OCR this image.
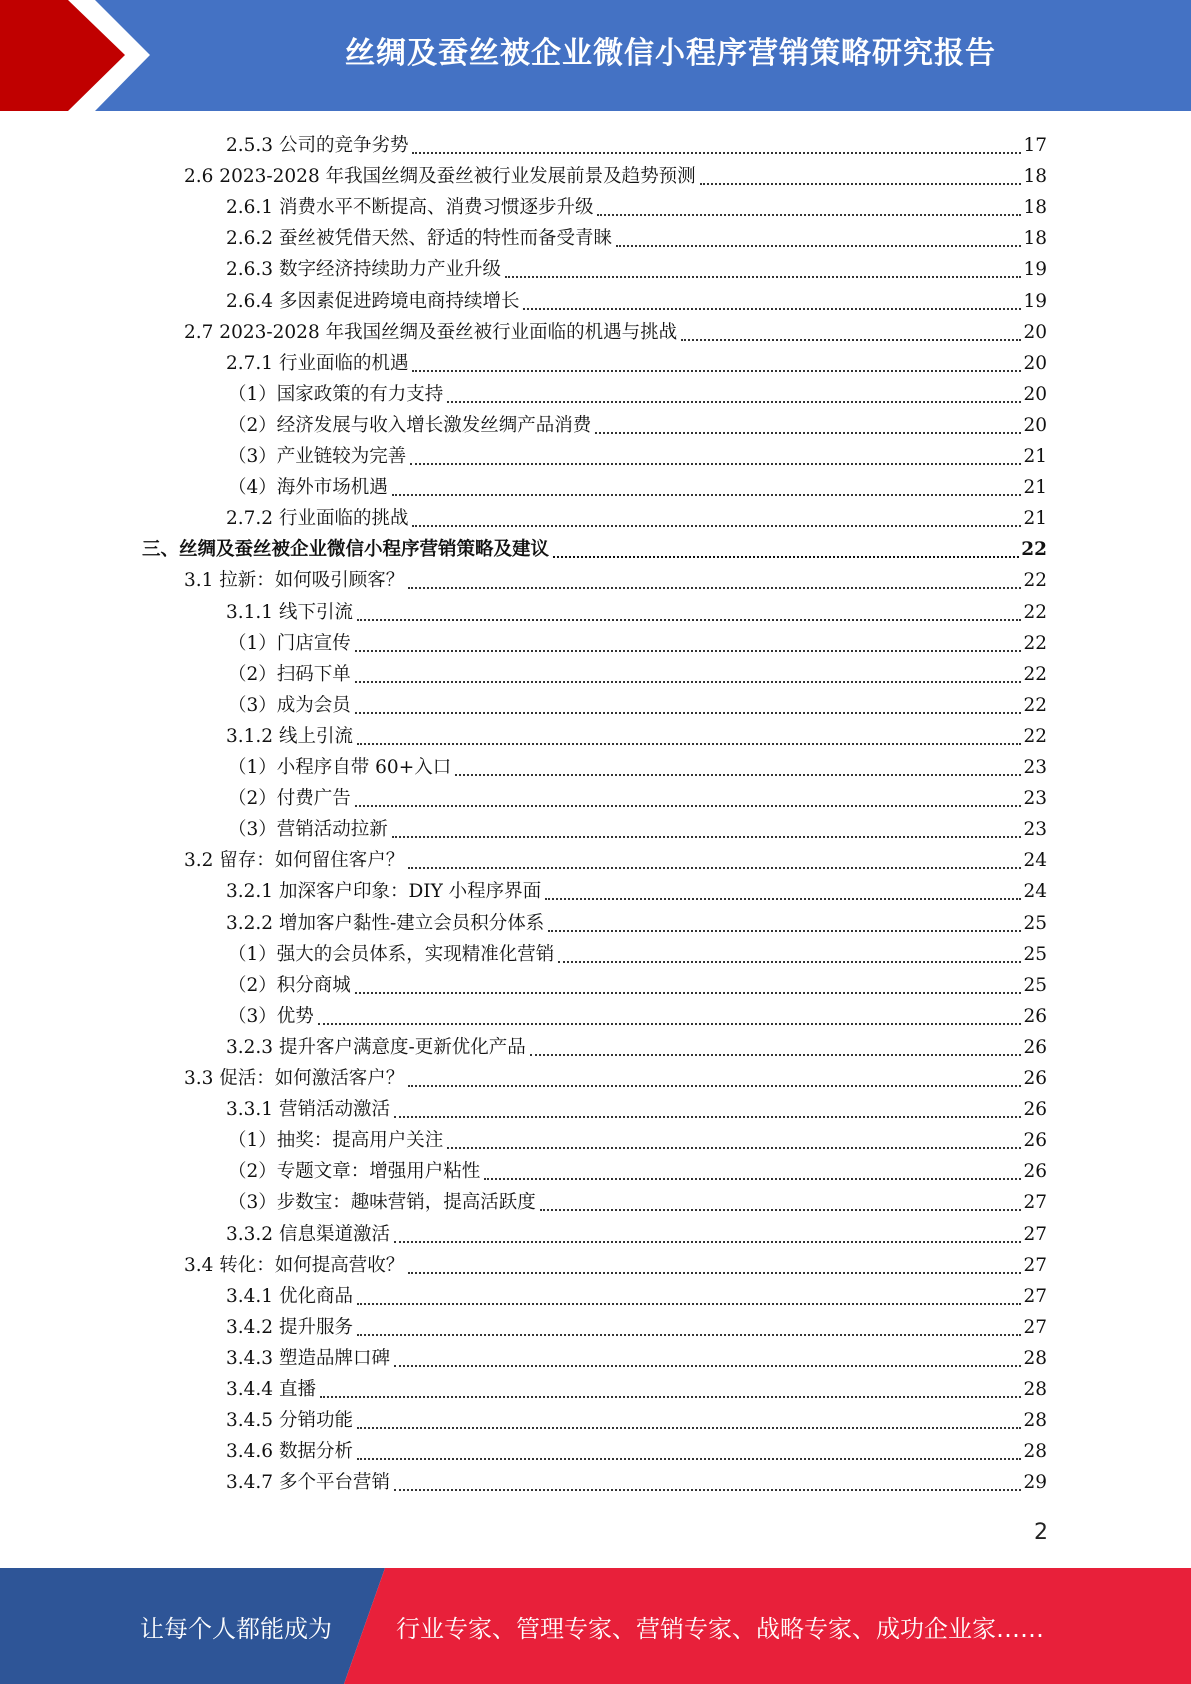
丝绸及蚕丝被企业微信小程序营销策略研究报告
2.5.3 公司的竞争劣势	17
2.6 2023-2028 年我国丝绸及蚕丝被行业发展前景及趋势预测	18
2.6.1 消费水平不断提高、消费习惯逐步升级	18
2.6.2 蚕丝被凭借天然、舒适的特性而备受青睐	18
2.6.3 数字经济持续助力产业升级	19
2.6.4 多因素促进跨境电商持续增长	19
2.7 2023-2028 年我国丝绸及蚕丝被行业面临的机遇与挑战	20
2.7.1 行业面临的机遇	20
（1）国家政策的有力支持	20
（2）经济发展与收入增长激发丝绸产品消费	20
（3）产业链较为完善	21
（4）海外市场机遇	21
2.7.2 行业面临的挑战	21
三、丝绸及蚕丝被企业微信小程序营销策略及建议	22
3.1 拉新：如何吸引顾客？	22
3.1.1 线下引流	22
（1）门店宣传	22
（2）扫码下单	22
（3）成为会员	22
3.1.2 线上引流	22
（1）小程序自带 60+入口	23
（2）付费广告	23
（3）营销活动拉新	23
3.2 留存：如何留住客户？	24
3.2.1 加深客户印象：DIY 小程序界面	24
3.2.2 增加客户黏性-建立会员积分体系	25
（1）强大的会员体系，实现精准化营销	25
（2）积分商城	25
（3）优势	26
3.2.3 提升客户满意度-更新优化产品	26
3.3 促活：如何激活客户？	26
3.3.1 营销活动激活	26
（1）抽奖：提高用户关注	26
（2）专题文章：增强用户粘性	26
（3）步数宝：趣味营销，提高活跃度	27
3.3.2 信息渠道激活	27
3.4 转化：如何提高营收？	27
3.4.1 优化商品	27
3.4.2 提升服务	27
3.4.3 塑造品牌口碑	28
3.4.4 直播	28
3.4.5 分销功能	28
3.4.6 数据分析	28
3.4.7 多个平台营销	29
2
让每个人都能成为	行业专家、管理专家、营销专家、战略专家、成功企业家……
